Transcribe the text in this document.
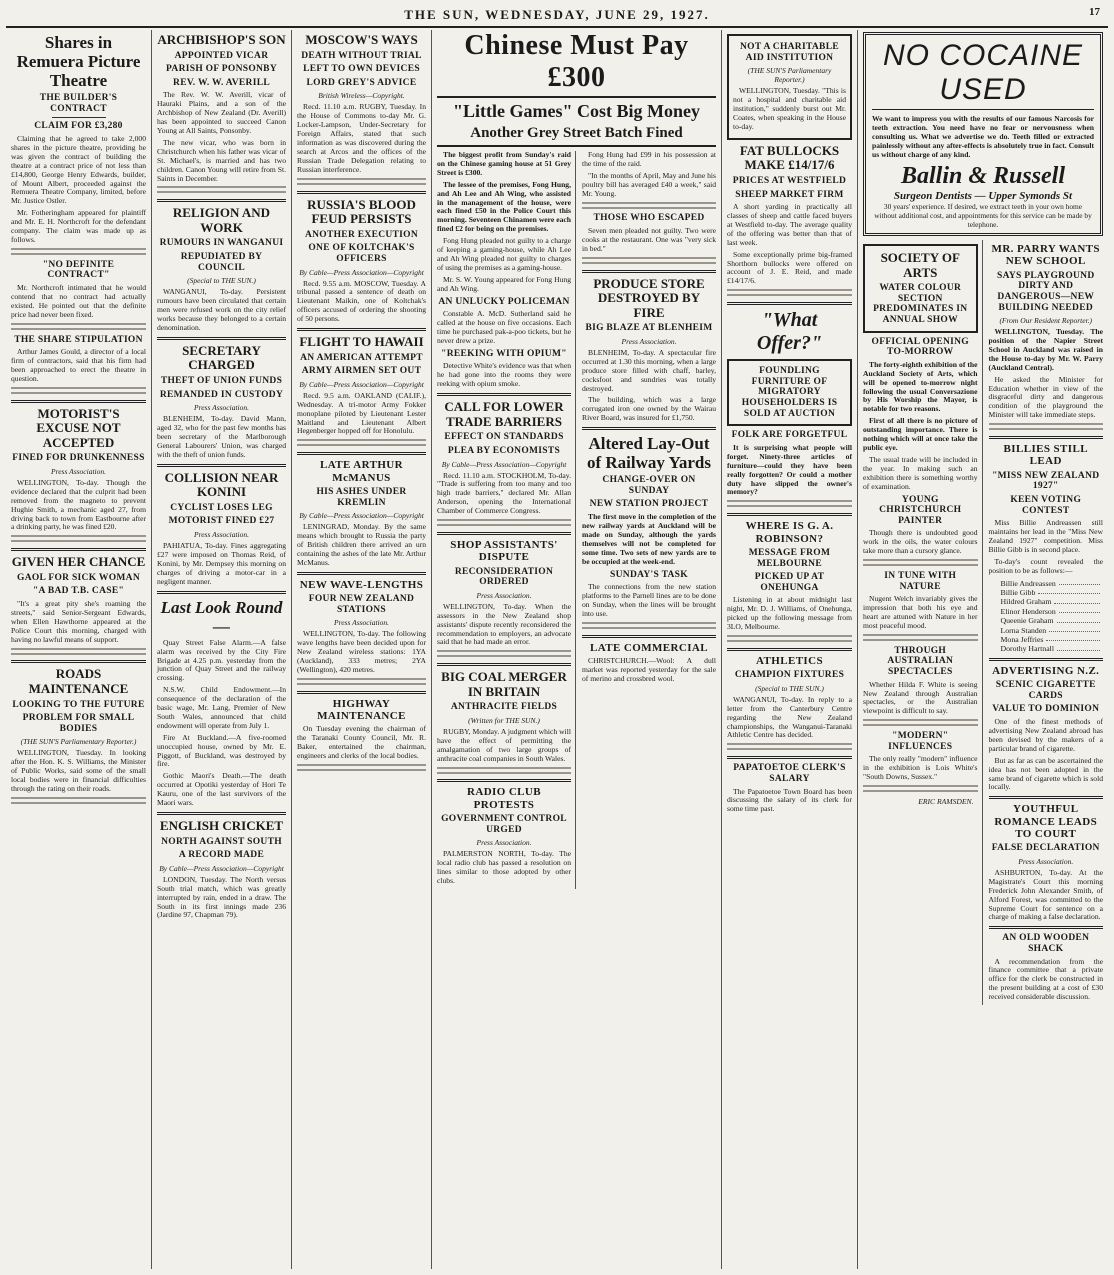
THE SUN, WEDNESDAY, JUNE 29, 1927.	17
Shares in Remuera Picture Theatre
THE BUILDER'S CONTRACT
CLAIM FOR £3,280

Claiming that he agreed to take 2,000 shares in the picture theatre, providing he was given the contract of building the theatre at a contract price of not less than £14,800, George Henry Edwards, builder, of Mount Albert, proceeded against the Remuera Theatre Company, limited, before Mr. Justice Ostler.

Mr. Fotheringham appeared for plaintiff and Mr. E. H. Northcroft for the defendant company. The claim was made up as follows.

"NO DEFINITE CONTRACT"

Mr. Northcroft intimated that he would contend that no contract had actually existed. He pointed out that the definite price had never been fixed.

THE SHARE STIPULATION

Arthur James Gould, a director of a local firm of contractors, said that his firm had been approached to erect the theatre in question.

MOTORIST'S EXCUSE NOT ACCEPTED
FINED FOR DRUNKENNESS
Press Association.

WELLINGTON, To-day. Though the evidence declared that the culprit had been removed from the magneto to prevent Hughie Smith, a mechanic aged 27, from driving back to town from Eastbourne after a drinking party, he was fined £20.

GIVEN HER CHANCE
GAOL FOR SICK WOMAN
"A BAD T.B. CASE"

"It's a great pity she's roaming the streets," said Senior-Sergeant Edwards, when Ellen Hawthorne appeared at the Police Court this morning, charged with having no lawful means of support.

ROADS MAINTENANCE
LOOKING TO THE FUTURE
PROBLEM FOR SMALL BODIES
(THE SUN'S Parliamentary Reporter.)

WELLINGTON, Tuesday. In looking after the Hon. K. S. Williams, the Minister of Public Works, said some of the small local bodies were in financial difficulties through the rating on their roads.

ARCHBISHOP'S SON
APPOINTED VICAR
PARISH OF PONSONBY
REV. W. W. AVERILL

The Rev. W. W. Averill, vicar of Hauraki Plains, and a son of the Archbishop of New Zealand (Dr. Averill) has been appointed to succeed Canon Young at All Saints, Ponsonby.

The new vicar, who was born in Christchurch when his father was vicar of St. Michael's, is married and has two children. Canon Young will retire from St. Saints in December.

RELIGION AND WORK
RUMOURS IN WANGANUI
REPUDIATED BY COUNCIL
(Special to THE SUN.)

WANGANUI, To-day. Persistent rumours have been circulated that certain men were refused work on the city relief works because they belonged to a certain denomination.

SECRETARY CHARGED
THEFT OF UNION FUNDS
REMANDED IN CUSTODY
Press Association.

BLENHEIM, To-day. David Mann, aged 32, who for the past few months has been secretary of the Marlborough General Labourers' Union, was charged with the theft of union funds.

COLLISION NEAR KONINI
CYCLIST LOSES LEG
MOTORIST FINED £27
Press Association.

PAHIATUA, To-day. Fines aggregating £27 were imposed on Thomas Reid, of Konini, by Mr. Dempsey this morning on charges of driving a motor-car in a negligent manner.

Last Look Round—

Quay Street False Alarm.—A false alarm was received by the City Fire Brigade at 4.25 p.m. yesterday from the junction of Quay Street and the railway crossing.

N.S.W. Child Endowment.—In consequence of the declaration of the basic wage, Mr. Lang, Premier of New South Wales, announced that child endowment will operate from July 1.

Fire At Buckland.—A five-roomed unoccupied house, owned by Mr. E. Piggott, of Buckland, was destroyed by fire.

Gothic Maori's Death.—The death occurred at Opotiki yesterday of Hori Te Kauru, one of the last survivors of the Maori wars.

ENGLISH CRICKET
NORTH AGAINST SOUTH
A RECORD MADE
By Cable—Press Association—Copyright

LONDON, Tuesday. The North versus South trial match, which was greatly interrupted by rain, ended in a draw. The South in its first innings made 236 (Jardine 97, Chapman 79).

MOSCOW'S WAYS
DEATH WITHOUT TRIAL
LEFT TO OWN DEVICES
LORD GREY'S ADVICE
British Wireless—Copyright.

Recd. 11.10 a.m. RUGBY, Tuesday. In the House of Commons to-day Mr. G. Locker-Lampson, Under-Secretary for Foreign Affairs, stated that such information as was discovered during the search at Arcos and the offices of the Russian Trade Delegation relating to Russian interference.

RUSSIA'S BLOOD FEUD PERSISTS
ANOTHER EXECUTION
ONE OF KOLTCHAK'S OFFICERS
By Cable—Press Association—Copyright

Recd. 9.55 a.m. MOSCOW, Tuesday. A tribunal passed a sentence of death on Lieutenant Maikin, one of Koltchak's officers accused of ordering the shooting of 50 persons.

FLIGHT TO HAWAII
AN AMERICAN ATTEMPT
ARMY AIRMEN SET OUT
By Cable—Press Association—Copyright

Recd. 9.5 a.m. OAKLAND (CALIF.), Wednesday. A tri-motor Army Fokker monoplane piloted by Lieutenant Lester Maitland and Lieutenant Albert Hegenberger hopped off for Honolulu.

LATE ARTHUR McMANUS
HIS ASHES UNDER KREMLIN
By Cable—Press Association—Copyright

LENINGRAD, Monday. By the same means which brought to Russia the party of British children there arrived an urn containing the ashes of the late Mr. Arthur McManus.

NEW WAVE-LENGTHS
FOUR NEW ZEALAND STATIONS
Press Association.

WELLINGTON, To-day. The following wave lengths have been decided upon for New Zealand wireless stations: 1YA (Auckland), 333 metres; 2YA (Wellington), 420 metres.

HIGHWAY MAINTENANCE

On Tuesday evening the chairman of the Taranaki County Council, Mr. R. Baker, entertained the chairman, engineers and clerks of the local bodies.

Chinese Must Pay £300
"Little Games" Cost Big Money
Another Grey Street Batch Fined

The biggest profit from Sunday's raid on the Chinese gaming house at 51 Grey Street is £300.

The lessee of the premises, Fong Hung, and Ah Lee and Ah Wing, who assisted in the management of the house, were each fined £50 in the Police Court this morning. Seventeen Chinamen were each fined £2 for being on the premises.

Fong Hung pleaded not guilty to a charge of keeping a gaming-house, while Ah Lee and Ah Wing pleaded not guilty to charges of using the premises as a gaming-house.

Mr. S. W. Young appeared for Fong Hung and Ah Wing.

AN UNLUCKY POLICEMAN

Constable A. McD. Sutherland said he called at the house on five occasions. Each time he purchased pak-a-poo tickets, but he never drew a prize.

"REEKING WITH OPIUM"

Detective White's evidence was that when he had gone into the rooms they were reeking with opium smoke.

CALL FOR LOWER TRADE BARRIERS
EFFECT ON STANDARDS
PLEA BY ECONOMISTS
By Cable—Press Association—Copyright

Recd. 11.10 a.m. STOCKHOLM, To-day. "Trade is suffering from too many and too high trade barriers," declared Mr. Allan Anderson, opening the International Chamber of Commerce Congress.

SHOP ASSISTANTS' DISPUTE
RECONSIDERATION ORDERED
Press Association.

WELLINGTON, To-day. When the assessors in the New Zealand shop assistants' dispute recently reconsidered the recommendation to employers, an advocate said that he had made an error.

BIG COAL MERGER IN BRITAIN
ANTHRACITE FIELDS
(Written for THE SUN.)

RUGBY, Monday. A judgment which will have the effect of permitting the amalgamation of two large groups of anthracite coal companies in South Wales.

RADIO CLUB PROTESTS
GOVERNMENT CONTROL URGED
Press Association.

PALMERSTON NORTH, To-day. The local radio club has passed a resolution on lines similar to those adopted by other clubs.

Fong Hung had £99 in his possession at the time of the raid.

"In the months of April, May and June his poultry bill has averaged £40 a week," said Mr. Young.

THOSE WHO ESCAPED

Seven men pleaded not guilty. Two were cooks at the restaurant. One was "very sick in bed."

PRODUCE STORE DESTROYED BY FIRE
BIG BLAZE AT BLENHEIM
Press Association.

BLENHEIM, To-day. A spectacular fire occurred at 1.30 this morning, when a large produce store filled with chaff, barley, cocksfoot and sundries was totally destroyed.

The building, which was a large corrugated iron one owned by the Wairau River Board, was insured for £1,750.

Altered Lay-Out of Railway Yards
CHANGE-OVER ON SUNDAY
NEW STATION PROJECT

The first move in the completion of the new railway yards at Auckland will be made on Sunday, although the yards themselves will not be completed for some time. Two sets of new yards are to be occupied at the week-end.

SUNDAY'S TASK

The connections from the new station platforms to the Parnell lines are to be done on Sunday, when the lines will be brought into use.

LATE COMMERCIAL

CHRISTCHURCH.—Wool: A dull market was reported yesterday for the sale of merino and crossbred wool.

NOT A CHARITABLE AID INSTITUTION
(THE SUN'S Parliamentary Reporter.)

WELLINGTON, Tuesday. "This is not a hospital and charitable aid institution," suddenly burst out Mr. Coates, when speaking in the House to-day.

FAT BULLOCKS MAKE £14/17/6
PRICES AT WESTFIELD
SHEEP MARKET FIRM

A short yarding in practically all classes of sheep and cattle faced buyers at Westfield to-day. The average quality of the offering was better than that of last week.

Some exceptionally prime big-framed Shorthorn bullocks were offered on account of J. E. Reid, and made £14/17/6.

"What Offer?"
FOUNDLING FURNITURE OF MIGRATORY HOUSEHOLDERS IS SOLD AT AUCTION
FOLK ARE FORGETFUL

It is surprising what people will forget. Ninety-three articles of furniture—could they have been really forgotten? Or could a mother duty have slipped the owner's memory?

WHERE IS G. A. ROBINSON?
MESSAGE FROM MELBOURNE
PICKED UP AT ONEHUNGA

Listening in at about midnight last night, Mr. D. J. Williams, of Onehunga, picked up the following message from 3LO, Melbourne.

ATHLETICS
CHAMPION FIXTURES
(Special to THE SUN.)

WANGANUI, To-day. In reply to a letter from the Canterbury Centre regarding the New Zealand championships, the Wanganui-Taranaki Athletic Centre has decided.

PAPATOETOE CLERK'S SALARY

The Papatoetoe Town Board has been discussing the salary of its clerk for some time past.

NO COCAINE USED
We want to impress you with the results of our famous Narcosis for teeth extraction. You need have no fear or nervousness when consulting us. What we advertise we do. Teeth filled or extracted painlessly without any after-effects is absolutely true in fact. Consult us without charge of any kind.
Ballin & Russell
Surgeon Dentists — Upper Symonds St
30 years' experience. If desired, we extract teeth in your own home without additional cost, and appointments for this service can be made by telephone.
SOCIETY OF ARTS
WATER COLOUR SECTION PREDOMINATES IN ANNUAL SHOW
OFFICIAL OPENING TO-MORROW

The forty-eighth exhibition of the Auckland Society of Arts, which will be opened to-morrow night following the usual Conversazione by His Worship the Mayor, is notable for two reasons.

First of all there is no picture of outstanding importance. There is nothing which will at once take the public eye.

The usual trade will be included in the year. In making such an exhibition there is something worthy of examination.

YOUNG CHRISTCHURCH PAINTER

Though there is undoubted good work in the oils, the water colours take more than a cursory glance.

IN TUNE WITH NATURE

Nugent Welch invariably gives the impression that both his eye and heart are attuned with Nature in her most peaceful mood.

THROUGH AUSTRALIAN SPECTACLES

Whether Hilda F. White is seeing New Zealand through Australian spectacles, or the Australian viewpoint is difficult to say.

"MODERN" INFLUENCES

The only really "modern" influence in the exhibition is Lois White's "South Downs, Sussex."

ERIC RAMSDEN.
MR. PARRY WANTS NEW SCHOOL
SAYS PLAYGROUND DIRTY AND DANGEROUS—NEW BUILDING NEEDED
(From Our Resident Reporter.)

WELLINGTON, Tuesday. The position of the Napier Street School in Auckland was raised in the House to-day by Mr. W. Parry (Auckland Central).

He asked the Minister for Education whether in view of the disgraceful dirty and dangerous condition of the playground the Minister will take immediate steps.

BILLIES STILL LEAD
"MISS NEW ZEALAND 1927"
KEEN VOTING CONTEST

Miss Billie Andreassen still maintains her lead in the "Miss New Zealand 1927" competition. Miss Billie Gibb is in second place.

To-day's count revealed the position to be as follows:—

Billie Andreassen
Billie Gibb
Hildred Graham
Elinor Henderson
Queenie Graham
Lorna Standen
Mona Jeffries
Dorothy Hartnall
ADVERTISING N.Z.
SCENIC CIGARETTE CARDS
VALUE TO DOMINION

One of the finest methods of advertising New Zealand abroad has been devised by the makers of a particular brand of cigarette.

But as far as can be ascertained the idea has not been adopted in the same brand of cigarette which is sold locally.

YOUTHFUL ROMANCE LEADS TO COURT
FALSE DECLARATION
Press Association.

ASHBURTON, To-day. At the Magistrate's Court this morning Frederick John Alexander Smith, of Alford Forest, was committed to the Supreme Court for sentence on a charge of making a false declaration.

AN OLD WOODEN SHACK

A recommendation from the finance committee that a private office for the clerk be constructed in the present building at a cost of £30 received considerable discussion.
